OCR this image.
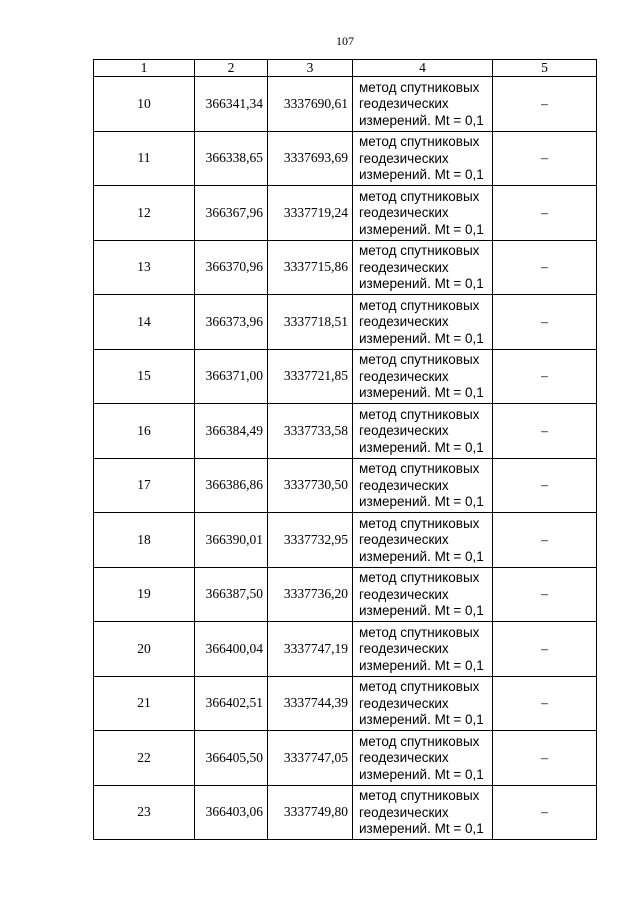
107
1	2	3	4	5
10	366341,34	3337690,61	метод спутниковых
геодезических
измерений. Mt = 0,1	–
11	366338,65	3337693,69	метод спутниковых
геодезических
измерений. Mt = 0,1	–
12	366367,96	3337719,24	метод спутниковых
геодезических
измерений. Mt = 0,1	–
13	366370,96	3337715,86	метод спутниковых
геодезических
измерений. Mt = 0,1	–
14	366373,96	3337718,51	метод спутниковых
геодезических
измерений. Mt = 0,1	–
15	366371,00	3337721,85	метод спутниковых
геодезических
измерений. Mt = 0,1	–
16	366384,49	3337733,58	метод спутниковых
геодезических
измерений. Mt = 0,1	–
17	366386,86	3337730,50	метод спутниковых
геодезических
измерений. Mt = 0,1	–
18	366390,01	3337732,95	метод спутниковых
геодезических
измерений. Mt = 0,1	–
19	366387,50	3337736,20	метод спутниковых
геодезических
измерений. Mt = 0,1	–
20	366400,04	3337747,19	метод спутниковых
геодезических
измерений. Mt = 0,1	–
21	366402,51	3337744,39	метод спутниковых
геодезических
измерений. Mt = 0,1	–
22	366405,50	3337747,05	метод спутниковых
геодезических
измерений. Mt = 0,1	–
23	366403,06	3337749,80	метод спутниковых
геодезических
измерений. Mt = 0,1	–
